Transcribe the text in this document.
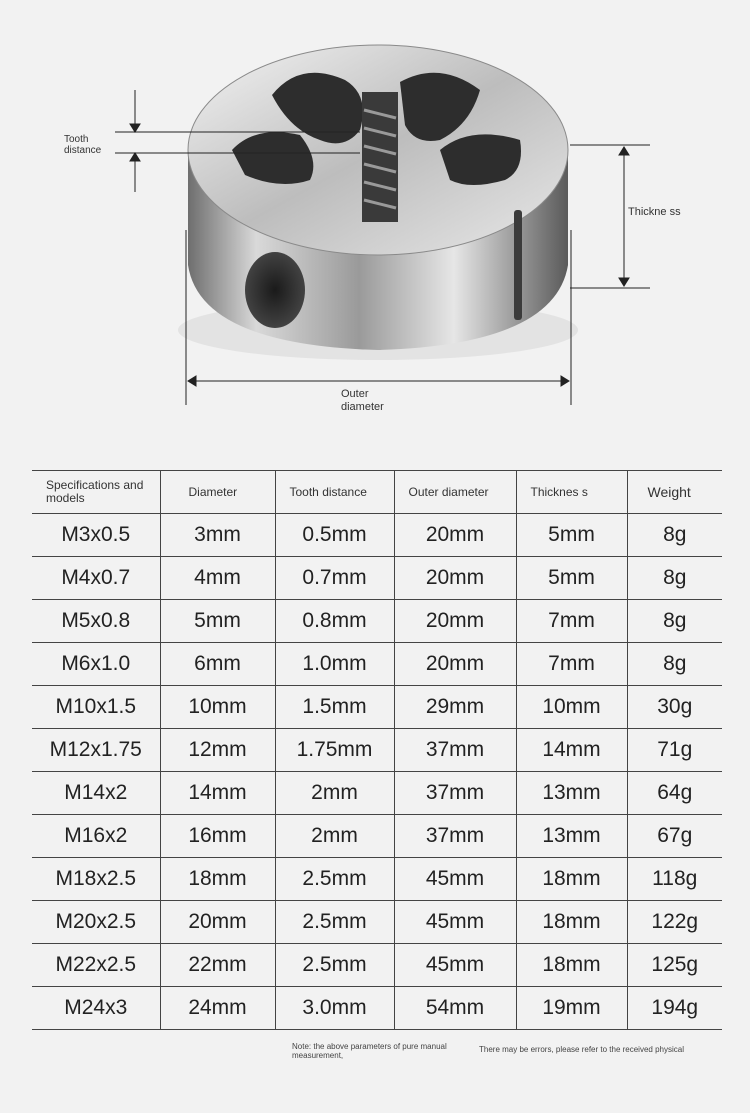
Tooth distance
Thickne ss
Outer diameter
Specifications and models	Diameter	Tooth distance	Outer diameter	Thicknes s	Weight
M3x0.5	3mm	0.5mm	20mm	5mm	8g
M4x0.7	4mm	0.7mm	20mm	5mm	8g
M5x0.8	5mm	0.8mm	20mm	7mm	8g
M6x1.0	6mm	1.0mm	20mm	7mm	8g
M10x1.5	10mm	1.5mm	29mm	10mm	30g
M12x1.75	12mm	1.75mm	37mm	14mm	71g
M14x2	14mm	2mm	37mm	13mm	64g
M16x2	16mm	2mm	37mm	13mm	67g
M18x2.5	18mm	2.5mm	45mm	18mm	118g
M20x2.5	20mm	2.5mm	45mm	18mm	122g
M22x2.5	22mm	2.5mm	45mm	18mm	125g
M24x3	24mm	3.0mm	54mm	19mm	194g
Note: the above parameters of pure manual measurement,
There may be errors, please refer to the received physical
